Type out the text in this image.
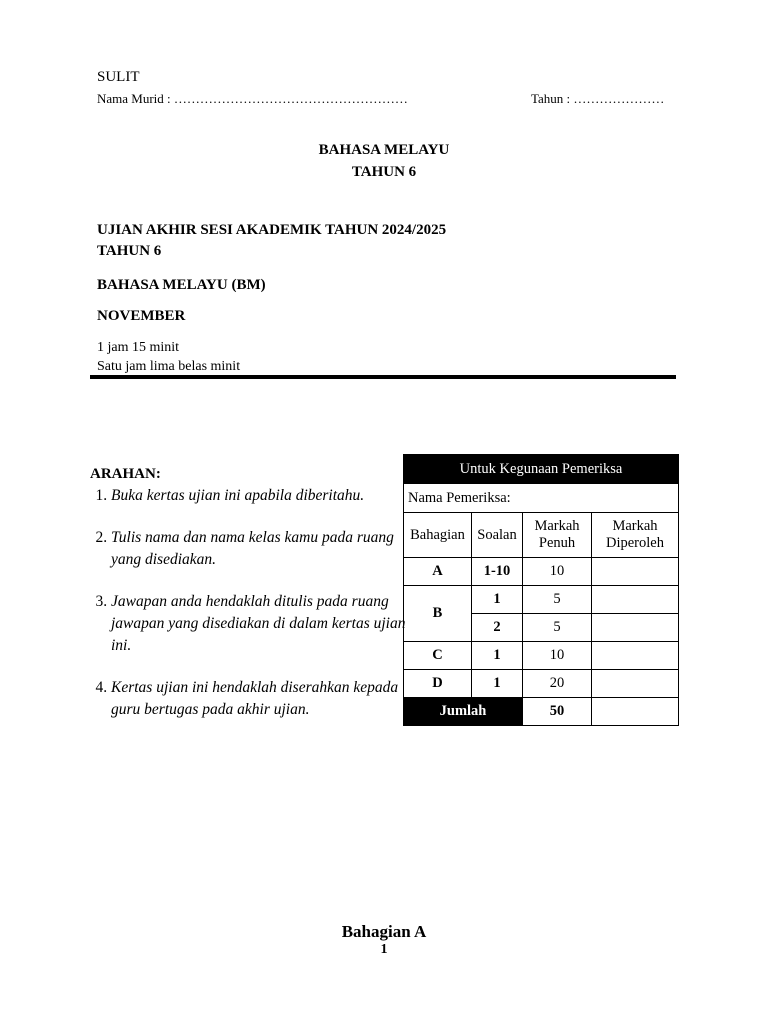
SULIT
Nama Murid : ………………………………………………	Tahun : …………………
BAHASA MELAYU
TAHUN 6
UJIAN AKHIR SESI AKADEMIK TAHUN 2024/2025
TAHUN 6
BAHASA MELAYU (BM)
NOVEMBER
1 jam 15 minit
Satu jam lima belas minit
ARAHAN:
1. Buka kertas ujian ini apabila diberitahu.
2. Tulis nama dan nama kelas kamu pada ruang yang disediakan.
3. Jawapan anda hendaklah ditulis pada ruang jawapan yang disediakan di dalam kertas ujian ini.
4. Kertas ujian ini hendaklah diserahkan kepada guru bertugas pada akhir ujian.
Untuk Kegunaan Pemeriksa			
Nama Pemeriksa:			
Bahagian	Soalan	Markah Penuh	Markah Diperoleh
A	1-10	10	
B	1	5	
	2	5	
C	1	10	
D	1	20	
Jumlah		50	
Bahagian A
1
